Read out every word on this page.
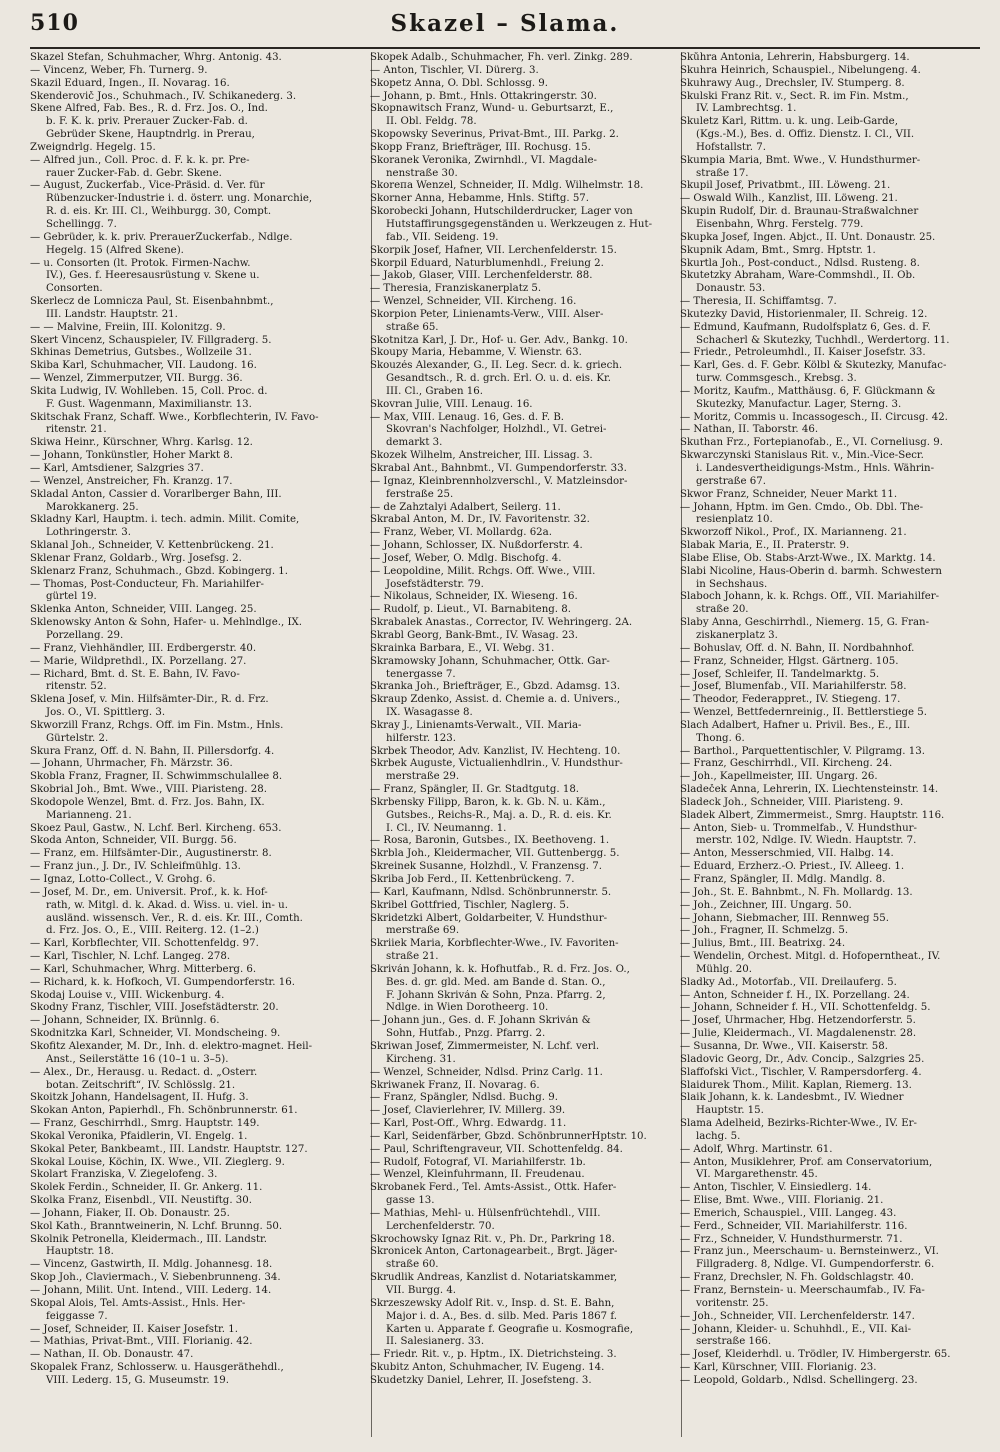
510	Skazel – Slama.
Skazel Stefan, Schuhmacher, Whrg. Antonig. 43.
— Vincenz, Weber, Fh. Turnerg. 9.
Skazil Eduard, Ingen., II. Novarag. 16.
Skenderovič Jos., Schuhmach., IV. Schikanederg. 3.
Skene Alfred, Fab. Bes., R. d. Frz. Jos. O., Ind.
b. F. K. k. priv. Prerauer Zucker-Fab. d.
Gebrüder Skene, Hauptndrlg. in Prerau,
Zweigndrlg. Hegelg. 15.
— Alfred jun., Coll. Proc. d. F. k. k. pr. Pre-
rauer Zucker-Fab. d. Gebr. Skene.
— August, Zuckerfab., Vice-Präsid. d. Ver. für
Rübenzucker-Industrie i. d. österr. ung. Monarchie,
R. d. eis. Kr. III. Cl., Weihburgg. 30, Compt.
Schellingg. 7.
— Gebrüder, k. k. priv. PrerauerZuckerfab., Ndlge.
Hegelg. 15 (Alfred Skene).
— u. Consorten (lt. Protok. Firmen-Nachw.
IV.), Ges. f. Heeresausrüstung v. Skene u.
Consorten.
Skerlecz de Lomnicza Paul, St. Eisenbahnbmt.,
III. Landstr. Hauptstr. 21.
— — Malvine, Freiin, III. Kolonitzg. 9.
Skert Vincenz, Schauspieler, IV. Fillgraderg. 5.
Skhinas Demetrius, Gutsbes., Wollzeile 31.
Skiba Karl, Schuhmacher, VII. Laudong. 16.
— Wenzel, Zimmerputzer, VII. Burgg. 36.
Skita Ludwig, IV. Wohlleben. 15, Coll. Proc. d.
F. Gust. Wagenmann, Maximilianstr. 13.
Skitschak Franz, Schaff. Wwe., Korbflechterin, IV. Favo-
ritenstr. 21.
Skiwa Heinr., Kürschner, Whrg. Karlsg. 12.
— Johann, Tonkünstler, Hoher Markt 8.
— Karl, Amtsdiener, Salzgries 37.
— Wenzel, Anstreicher, Fh. Kranzg. 17.
Skladal Anton, Cassier d. Vorarlberger Bahn, III.
Marokkanerg. 25.
Skladny Karl, Hauptm. i. tech. admin. Milit. Comite,
Lothringerstr. 3.
Sklanal Joh., Schneider, V. Kettenbrückeng. 21.
Sklenar Franz, Goldarb., Wrg. Josefsg. 2.
Sklenarz Franz, Schuhmach., Gbzd. Kobingerg. 1.
— Thomas, Post-Conducteur, Fh. Mariahilfer-
gürtel 19.
Sklenka Anton, Schneider, VIII. Langeg. 25.
Sklenowsky Anton & Sohn, Hafer- u. Mehlndlge., IX.
Porzellang. 29.
— Franz, Viehhändler, III. Erdbergerstr. 40.
— Marie, Wildprethdl., IX. Porzellang. 27.
— Richard, Bmt. d. St. E. Bahn, IV. Favo-
ritenstr. 52.
Sklena Josef, v. Min. Hilfsämter-Dir., R. d. Frz.
Jos. O., VI. Spittlerg. 3.
Skworzill Franz, Rchgs. Off. im Fin. Mstm., Hnls.
Gürtelstr. 2.
Skura Franz, Off. d. N. Bahn, II. Pillersdorfg. 4.
— Johann, Uhrmacher, Fh. Märzstr. 36.
Skobla Franz, Fragner, II. Schwimmschulallee 8.
Skobrial Joh., Bmt. Wwe., VIII. Piaristeng. 28.
Skodopole Wenzel, Bmt. d. Frz. Jos. Bahn, IX.
Marianneng. 21.
Skoez Paul, Gastw., N. Lchf. Berl. Kircheng. 653.
Skoda Anton, Schneider, VII. Burgg. 56.
— Franz, em. Hilfsämter-Dir., Augustinerstr. 8.
— Franz jun., J. Dr., IV. Schleifmühlg. 13.
— Ignaz, Lotto-Collect., V. Grohg. 6.
— Josef, M. Dr., em. Universit. Prof., k. k. Hof-
rath, w. Mitgl. d. k. Akad. d. Wiss. u. viel. in- u.
ausländ. wissensch. Ver., R. d. eis. Kr. III., Comth.
d. Frz. Jos. O., E., VIII. Reiterg. 12. (1–2.)
— Karl, Korbflechter, VII. Schottenfeldg. 97.
— Karl, Tischler, N. Lchf. Langeg. 278.
— Karl, Schuhmacher, Whrg. Mitterberg. 6.
— Richard, k. k. Hofkoch, VI. Gumpendorferstr. 16.
Skodaj Louise v., VIII. Wickenburg. 4.
Skodny Franz, Tischler, VIII. Josefstädterstr. 20.
— Johann, Schneider, IX. Brünnlg. 6.
Skodnitzka Karl, Schneider, VI. Mondscheing. 9.
Skofitz Alexander, M. Dr., Inh. d. elektro-magnet. Heil-
Anst., Seilerstätte 16 (10–1 u. 3–5).
— Alex., Dr., Herausg. u. Redact. d. „Österr.
botan. Zeitschrift“, IV. Schlösslg. 21.
Skoitzk Johann, Handelsagent, II. Hufg. 3.
Skokan Anton, Papierhdl., Fh. Schönbrunnerstr. 61.
— Franz, Geschirrhdl., Smrg. Hauptstr. 149.
Skokal Veronika, Pfaidlerin, VI. Engelg. 1.
Skokal Peter, Bankbeamt., III. Landstr. Hauptstr. 127.
Skokal Louise, Köchin, IX. Wwe., VII. Zieglerg. 9.
Skolart Franziska, V. Ziegelofeng. 3.
Skolek Ferdin., Schneider, II. Gr. Ankerg. 11.
Skolka Franz, Eisenbdl., VII. Neustiftg. 30.
— Johann, Fiaker, II. Ob. Donaustr. 25.
Skol Kath., Branntweinerin, N. Lchf. Brunng. 50.
Skolnik Petronella, Kleidermach., III. Landstr.
Hauptstr. 18.
— Vincenz, Gastwirth, II. Mdlg. Johannesg. 18.
Skop Joh., Claviermach., V. Siebenbrunneng. 34.
— Johann, Milit. Unt. Intend., VIII. Lederg. 14.
Skopal Alois, Tel. Amts-Assist., Hnls. Her-
feiggasse 7.
— Josef, Schneider, II. Kaiser Josefstr. 1.
— Mathias, Privat-Bmt., VIII. Florianig. 42.
— Nathan, II. Ob. Donaustr. 47.
Skopalek Franz, Schlosserw. u. Hausgeräthehdl.,
VIII. Lederg. 15, G. Museumstr. 19.
Skopek Adalb., Schuhmacher, Fh. verl. Zinkg. 289.
— Anton, Tischler, VI. Dürerg. 3.
Skopetz Anna, O. Dbl. Schlossg. 9.
— Johann, p. Bmt., Hnls. Ottakringerstr. 30.
Skopnawitsch Franz, Wund- u. Geburtsarzt, E.,
II. Obl. Feldg. 78.
Skopowsky Severinus, Privat-Bmt., III. Parkg. 2.
Skopp Franz, Briefträger, III. Rochusg. 15.
Skoranek Veronika, Zwirnhdl., VI. Magdale-
nenstraße 30.
Skoreпa Wenzel, Schneider, II. Mdlg. Wilhelmstr. 18.
Skorner Anna, Hebamme, Hnls. Stiftg. 57.
Skorobecki Johann, Hutschilderdrucker, Lager von
Hutstaffirungsgegenständen u. Werkzeugen z. Hut-
fab., VII. Seideng. 19.
Skorpik Josef, Hafner, VII. Lerchenfelderstr. 15.
Skorpil Eduard, Naturblumenhdl., Freiung 2.
— Jakob, Glaser, VIII. Lerchenfelderstr. 88.
— Theresia, Franziskanerplatz 5.
— Wenzel, Schneider, VII. Kircheng. 16.
Skorpion Peter, Linienamts-Verw., VIII. Alser-
straße 65.
Skotnitza Karl, J. Dr., Hof- u. Ger. Adv., Bankg. 10.
Skoupy Maria, Hebamme, V. Wienstr. 63.
Skouzés Alexander, G., II. Leg. Secr. d. k. griech.
Gesandtsch., R. d. grch. Erl. O. u. d. eis. Kr.
III. Cl., Graben 16.
Skovran Julie, VIII. Lenaug. 16.
— Max, VIII. Lenaug. 16, Ges. d. F. B.
Skovran's Nachfolger, Holzhdl., VI. Getrei-
demarkt 3.
Skozek Wilhelm, Anstreicher, III. Lissag. 3.
Skrabal Ant., Bahnbmt., VI. Gumpendorferstr. 33.
— Ignaz, Kleinbrennholzverschl., V. Matzleinsdor-
ferstraße 25.
— de Zahztalyi Adalbert, Seilerg. 11.
Skrabal Anton, M. Dr., IV. Favoritenstr. 32.
— Franz, Weber, VI. Mollardg. 62a.
— Johann, Schlosser, IX. Nußdorferstr. 4.
— Josef, Weber, O. Mdlg. Bischofg. 4.
— Leopoldine, Milit. Rchgs. Off. Wwe., VIII.
Josefstädterstr. 79.
— Nikolaus, Schneider, IX. Wieseng. 16.
— Rudolf, p. Lieut., VI. Barnabiteng. 8.
Skrabalek Anastas., Corrector, IV. Wehringerg. 2A.
Skrabl Georg, Bank-Bmt., IV. Wasag. 23.
Skrainka Barbara, E., VI. Webg. 31.
Skramowsky Johann, Schuhmacher, Ottk. Gar-
tenergasse 7.
Skranka Joh., Briefträger, E., Gbzd. Adamsg. 13.
Skraup Zdenko, Assist. d. Chemie a. d. Univers.,
IX. Wasagasse 8.
Skray J., Linienamts-Verwalt., VII. Maria-
hilferstr. 123.
Skrbek Theodor, Adv. Kanzlist, IV. Hechteng. 10.
Skrbek Auguste, Victualienhdlrin., V. Hundsthur-
merstraße 29.
— Franz, Spängler, II. Gr. Stadtgutg. 18.
Skrbensky Filipp, Baron, k. k. Gb. N. u. Käm.,
Gutsbes., Reichs-R., Maj. a. D., R. d. eis. Kr.
I. Cl., IV. Neumanng. 1.
— Rosa, Baronin, Gutsbes., IX. Beethoveng. 1.
Skrbla Joh., Kleidermacher, VII. Guttenbergg. 5.
Skreinek Susanne, Holzhdl., V. Franzensg. 7.
Skriba Job Ferd., II. Kettenbrückeng. 7.
— Karl, Kaufmann, Ndlsd. Schönbrunnerstr. 5.
Skribel Gottfried, Tischler, Naglerg. 5.
Skridetzki Albert, Goldarbeiter, V. Hundsthur-
merstraße 69.
Skriiek Maria, Korbflechter-Wwe., IV. Favoriten-
straße 21.
Skriván Johann, k. k. Hofhutfab., R. d. Frz. Jos. O.,
Bes. d. gr. gld. Med. am Bande d. Stan. O.,
F. Johann Skriván & Sohn, Pnza. Pfarrg. 2,
Ndlge. in Wien Dorotheerg. 10.
— Johann jun., Ges. d. F. Johann Skriván &
Sohn, Hutfab., Pnzg. Pfarrg. 2.
Skriwan Josef, Zimmermeister, N. Lchf. verl.
Kircheng. 31.
— Wenzel, Schneider, Ndlsd. Prinz Carlg. 11.
Skriwanek Franz, II. Novarag. 6.
— Franz, Spängler, Ndlsd. Buchg. 9.
— Josef, Clavierlehrer, IV. Millerg. 39.
— Karl, Post-Off., Whrg. Edwardg. 11.
— Karl, Seidenfärber, Gbzd. SchönbrunnerHptstr. 10.
— Paul, Schriftengraveur, VII. Schottenfeldg. 84.
— Rudolf, Fotograf, VI. Mariahilferstr. 1b.
— Wenzel, Kleinfuhrmann, II. Freudenau.
Skrobanek Ferd., Tel. Amts-Assist., Ottk. Hafer-
gasse 13.
— Mathias, Mehl- u. Hülsenfrüchtehdl., VIII.
Lerchenfelderstr. 70.
Skrochowsky Ignaz Rit. v., Ph. Dr., Parkring 18.
Skronicek Anton, Cartonagearbeit., Brgt. Jäger-
straße 60.
Skrudlik Andreas, Kanzlist d. Notariatskammer,
VII. Burgg. 4.
Skrzeszewsky Adolf Rit. v., Insp. d. St. E. Bahn,
Major i. d. A., Bes. d. silb. Med. Paris 1867 f.
Karten u. Apparate f. Geografie u. Kosmografie,
II. Salesianerg. 33.
— Friedr. Rit. v., p. Hptm., IX. Dietrichsteing. 3.
Skubitz Anton, Schuhmacher, IV. Eugeng. 14.
Skudetzky Daniel, Lehrer, II. Josefsteng. 3.
Skůhra Antonia, Lehrerin, Habsburgerg. 14.
Skuhra Heinrich, Schauspiel., Nibelungeng. 4.
Skuhrawy Aug., Drechsler, IV. Stumperg. 8.
Skulski Franz Rit. v., Sect. R. im Fin. Mstm.,
IV. Lambrechtsg. 1.
Skuletz Karl, Rittm. u. k. ung. Leib-Garde,
(Kgs.-M.), Bes. d. Offiz. Dienstz. I. Cl., VII.
Hofstallstr. 7.
Skumpia Maria, Bmt. Wwe., V. Hundsthurmer-
straße 17.
Skupil Josef, Privatbmt., III. Löweng. 21.
— Oswald Wilh., Kanzlist, III. Löweng. 21.
Skupin Rudolf, Dir. d. Braunau-Straßwalchner
Eisenbahn, Whrg. Ferstelg. 779.
Skupka Josef, Ingen. Abjct., II. Unt. Donaustr. 25.
Skupnik Adam, Bmt., Smrg. Hptstr. 1.
Skurtla Joh., Post-conduct., Ndlsd. Rusteng. 8.
Skutetzky Abraham, Ware-Commshdl., II. Ob.
Donaustr. 53.
— Theresia, II. Schiffamtsg. 7.
Skutezky David, Historienmaler, II. Schreig. 12.
— Edmund, Kaufmann, Rudolfsplatz 6, Ges. d. F.
Schacherl & Skutezky, Tuchhdl., Werdertorg. 11.
— Friedr., Petroleumhdl., II. Kaiser Josefstr. 33.
— Karl, Ges. d. F. Gebr. Kölbl & Skutezky, Manufac-
turw. Commsgesch., Krebsg. 3.
— Moritz, Kaufm., Matthäusg. 6, F. Glückmann &
Skutezky, Manufactur. Lager, Sterng. 3.
— Moritz, Commis u. Incassogesch., II. Circusg. 42.
— Nathan, II. Taborstr. 46.
Skuthan Frz., Fortepianofab., E., VI. Corneliusg. 9.
Skwarczynski Stanislaus Rit. v., Min.-Vice-Secr.
i. Landesvertheidigungs-Mstm., Hnls. Währin-
gerstraße 67.
Skwor Franz, Schneider, Neuer Markt 11.
— Johann, Hptm. im Gen. Cmdo., Ob. Dbl. The-
resienplatz 10.
Skworzoff Nikol., Prof., IX. Marianneng. 21.
Slabak Maria, E., II. Praterstr. 9.
Slabe Elise, Ob. Stabs-Arzt-Wwe., IX. Marktg. 14.
Slabi Nicoline, Haus-Oberin d. barmh. Schwestern
in Sechshaus.
Slaboch Johann, k. k. Rchgs. Off., VII. Mariahilfer-
straße 20.
Slaby Anna, Geschirrhdl., Niemerg. 15, G. Fran-
ziskanerplatz 3.
— Bohuslav, Off. d. N. Bahn, II. Nordbahnhof.
— Franz, Schneider, Hlgst. Gärtnerg. 105.
— Josef, Schleifer, II. Tandelmarktg. 5.
— Josef, Blumenfab., VII. Mariahilferstr. 58.
— Theodor, Federappret., IV. Stiegeng. 17.
— Wenzel, Bettfedernreinig., II. Bettlerstiege 5.
Slach Adalbert, Hafner u. Privil. Bes., E., III.
Thong. 6.
— Barthol., Parquettentischler, V. Pilgramg. 13.
— Franz, Geschirrhdl., VII. Kircheng. 24.
— Joh., Kapellmeister, III. Ungarg. 26.
Sladeček Anna, Lehrerin, IX. Liechtensteinstr. 14.
Sladeck Joh., Schneider, VIII. Piaristeng. 9.
Sladek Albert, Zimmermeist., Smrg. Hauptstr. 116.
— Anton, Sieb- u. Trommelfab., V. Hundsthur-
merstr. 102, Ndlge. IV. Wiedn. Hauptstr. 7.
— Anton, Messerschmied, VII. Halbg. 14.
— Eduard, Erzherz.-O. Priest., IV. Alleeg. 1.
— Franz, Spängler, II. Mdlg. Mandlg. 8.
— Joh., St. E. Bahnbmt., N. Fh. Mollardg. 13.
— Joh., Zeichner, III. Ungarg. 50.
— Johann, Siebmacher, III. Rennweg 55.
— Joh., Fragner, II. Schmelzg. 5.
— Julius, Bmt., III. Beatrixg. 24.
— Wendelin, Orchest. Mitgl. d. Hofoperntheat., IV.
Mühlg. 20.
Sladky Ad., Motorfab., VII. Dreilauferg. 5.
— Anton, Schneider f. H., IX. Porzellang. 24.
— Johann, Schneider f. H., VII. Schottenfeldg. 5.
— Josef, Uhrmacher, Hbg. Hetzendorferstr. 5.
— Julie, Kleidermach., VI. Magdalenenstr. 28.
— Susanna, Dr. Wwe., VII. Kaiserstr. 58.
Sladovic Georg, Dr., Adv. Concip., Salzgries 25.
Slaffofski Vict., Tischler, V. Rampersdorferg. 4.
Slaidurek Thom., Milit. Kaplan, Riemerg. 13.
Slaik Johann, k. k. Landesbmt., IV. Wiedner
Hauptstr. 15.
Slama Adelheid, Bezirks-Richter-Wwe., IV. Er-
lachg. 5.
— Adolf, Whrg. Martinstr. 61.
— Anton, Musiklehrer, Prof. am Conservatorium,
VI. Margarethenstr. 45.
— Anton, Tischler, V. Einsiedlerg. 14.
— Elise, Bmt. Wwe., VIII. Florianig. 21.
— Emerich, Schauspiel., VIII. Langeg. 43.
— Ferd., Schneider, VII. Mariahilferstr. 116.
— Frz., Schneider, V. Hundsthurmerstr. 71.
— Franz jun., Meerschaum- u. Bernsteinwerz., VI.
Fillgraderg. 8, Ndlge. VI. Gumpendorferstr. 6.
— Franz, Drechsler, N. Fh. Goldschlagstr. 40.
— Franz, Bernstein- u. Meerschaumfab., IV. Fa-
voritenstr. 25.
— Joh., Schneider, VII. Lerchenfelderstr. 147.
— Johann, Kleider- u. Schuhhdl., E., VII. Kai-
serstraße 166.
— Josef, Kleiderhdl. u. Trödler, IV. Himbergerstr. 65.
— Karl, Kürschner, VIII. Florianig. 23.
— Leopold, Goldarb., Ndlsd. Schellingerg. 23.
